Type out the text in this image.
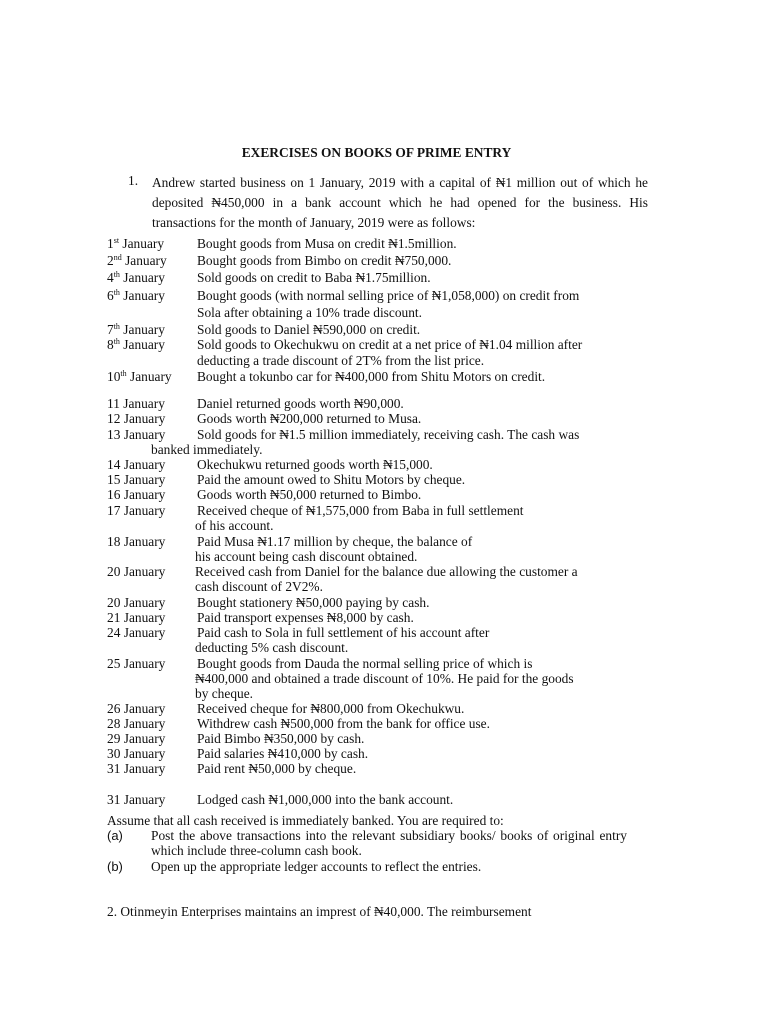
EXERCISES ON BOOKS OF PRIME ENTRY
1. Andrew started business on 1 January, 2019 with a capital of ₦1 million out of which he deposited ₦450,000 in a bank account which he had opened for the business. His transactions for the month of January, 2019 were as follows:
1st January Bought goods from Musa on credit ₦1.5million.
2nd January Bought goods from Bimbo on credit ₦750,000.
4th January Sold goods on credit to Baba ₦1.75million.
6th January Bought goods (with normal selling price of ₦1,058,000) on credit from
Sola after obtaining a 10% trade discount.
7th January Sold goods to Daniel ₦590,000 on credit.
8th January Sold goods to Okechukwu on credit at a net price of ₦1.04 million after
deducting a trade discount of 2T% from the list price.
10th January Bought a tokunbo car for ₦400,000 from Shitu Motors on credit.
11 January Daniel returned goods worth ₦90,000.
12 January Goods worth ₦200,000 returned to Musa.
13 January Sold goods for ₦1.5 million immediately, receiving cash. The cash was
banked immediately.
14 January Okechukwu returned goods worth ₦15,000.
15 January Paid the amount owed to Shitu Motors by cheque.
16 January Goods worth ₦50,000 returned to Bimbo.
17 January Received cheque of ₦1,575,000 from Baba in full settlement
of his account.
18 January Paid Musa ₦1.17 million by cheque, the balance of
his account being cash discount obtained.
20 January Received cash from Daniel for the balance due allowing the customer a
cash discount of 2V2%.
20 January Bought stationery ₦50,000 paying by cash.
21 January Paid transport expenses ₦8,000 by cash.
24 January Paid cash to Sola in full settlement of his account after
deducting 5% cash discount.
25 January Bought goods from Dauda the normal selling price of which is
₦400,000 and obtained a trade discount of 10%. He paid for the goods
by cheque.
26 January Received cheque for ₦800,000 from Okechukwu.
28 January Withdrew cash ₦500,000 from the bank for office use.
29 January Paid Bimbo ₦350,000 by cash.
30 January Paid salaries ₦410,000 by cash.
31 January Paid rent ₦50,000 by cheque.
31 January Lodged cash ₦1,000,000 into the bank account.
Assume that all cash received is immediately banked. You are required to:
(a) Post the above transactions into the relevant subsidiary books/ books of original entry which include three-column cash book.
(b) Open up the appropriate ledger accounts to reflect the entries.
2. Otinmeyin Enterprises maintains an imprest of ₦40,000. The reimbursement
